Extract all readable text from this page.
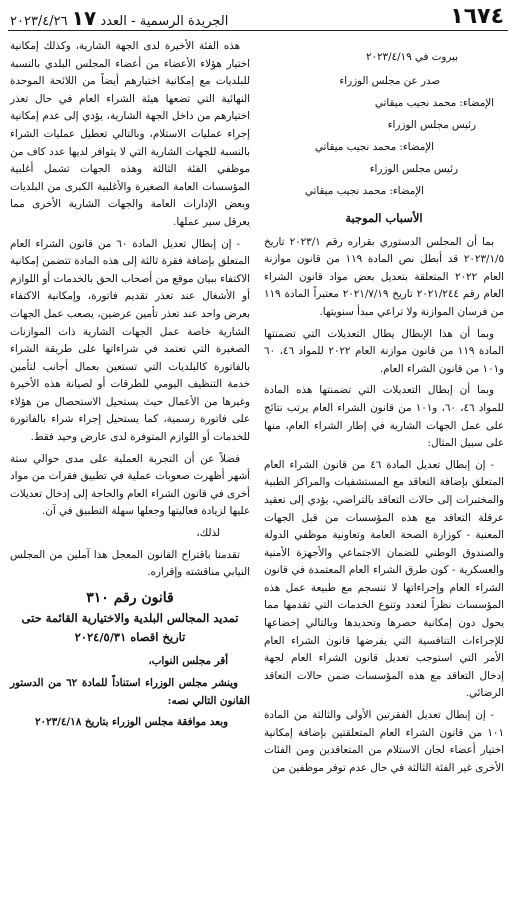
١٦٧٤
الجريدة الرسمية - العدد ١٧ ٢٠٢٣/٤/٢٦

بيروت في ٢٠٢٣/٤/١٩

صدر عن مجلس الوزراء

الإمضاء: محمد نجيب ميقاتي

رئيس مجلس الوزراء

الإمضاء: محمد نجيب ميقاتي

رئيس مجلس الوزراء

الإمضاء: محمد نجيب ميقاتي

الأسباب الموجبة

بما أن المجلس الدستوري بقراره رقم ٢٠٢٣/١ تاريخ ٢٠٢٣/١/٥ قد أبطل نص المادة ١١٩ من قانون موازنة العام ٢٠٢٢ المتعلقة بتعديل بعض مواد قانون الشراء العام رقم ٢٠٢١/٢٤٤ تاريخ ٢٠٢١/٧/١٩ معتبراً المادة ١١٩ من فرسان الموازنة ولا تراعي مبدأ سنويتها.

وبما أن هذا الإبطال يطال التعديلات التي تضمنتها المادة ١١٩ من قانون موازنة العام ٢٠٢٢ للمواد ٤٦، ٦٠ و١٠١ من قانون الشراء العام.

وبما أن إبطال التعديلات التي تضمنتها هذه المادة للمواد ٤٦، ٦٠، و١٠١ من قانون الشراء العام يرتب نتائج على عمل الجهات الشارية في إطار الشراء العام، منها على سبيل المثال:

- إن إبطال تعديل المادة ٤٦ من قانون الشراء العام المتعلق بإضافة التعاقد مع المستشفيات والمراكز الطبية والمختبرات إلى حالات التعاقد بالتراضي، يؤدي إلى تعقيد عرقلة التعاقد مع هذه المؤسسات من قبل الجهات المعنية - كوزارة الصحة العامة وتعاونية موظفي الدولة والصندوق الوطني للضمان الاجتماعي والأجهزة الأمنية والعسكرية - كون طرق الشراء العام المعتمدة في قانون الشراء العام وإجراءاتها لا تنسجم مع طبيعة عمل هذه المؤسسات نظراً لتعدد وتنوع الخدمات التي تقدمها مما يحول دون إمكانية حصرها وتحديدها وبالتالي إخضاعها للإجراءات التنافسية التي يفرضها قانون الشراء العام الأمر التي استوجب تعديل قانون الشراء العام لجهة إدخال التعاقد مع هذه المؤسسات ضمن حالات التعاقد الرضائي.

- إن إبطال تعديل الفقرتين الأولى والثالثة من المادة ١٠١ من قانون الشراء العام المتعلقتين بإضافة إمكانية اختيار أعضاء لجان الاستلام من المتعاقدين ومن الفئات الأخرى غير الفئة الثالثة في حال عدم توفر موظفين من

هذه الفئة الأخيرة لدى الجهة الشارية، وكذلك إمكانية اختيار هؤلاء الأعضاء من أعضاء المجلس البلدي بالنسبة للبلديات مع إمكانية اختيارهم أيضاً من اللائحة الموحدة النهائية التي تضعها هيئة الشراء العام في حال تعذر اختيارهم من داخل الجهة الشارية، يؤدي إلى عدم إمكانية إجراء عمليات الاستلام، وبالتالي تعطيل عمليات الشراء بالنسبة للجهات الشارية التي لا يتوافر لديها عدد كاف من موظفي الفئة الثالثة وهذه الجهات تشمل أغلبية المؤسسات العامة الصغيرة والأغلبية الكبرى من البلديات وبعض الإدارات العامة والجهات الشارية الأخرى مما يعرقل سير عملها.

- إن إبطال تعديل المادة ٦٠ من قانون الشراء العام المتعلق بإضافة فقرة ثالثة إلى هذه المادة تتضمن إمكانية الاكتفاء ببيان موقع من أصحاب الحق بالخدمات أو اللوازم أو الأشغال عند تعذر تقديم فاتورة، وإمكانية الاكتفاء بعرض واحد عند تعذر تأمين عرضين، يصعب عمل الجهات الشارية خاصة عمل الجهات الشارية ذات الموازنات الصغيرة التي تعتمد في شراءاتها على طريقة الشراء بالفاتورة كالبلديات التي تستعين بعمال أجانب لتأمين خدمة التنظيف اليومي للطرقات أو لصيانة هذه الأخيرة وغيرها من الأعمال حيث يستحيل الاستحصال من هؤلاء على فاتورة رسمية، كما يستحيل إجراء شراء بالفاتورة للخدمات أو اللوازم المتوفرة لدى عارض وحيد فقط.

فضلاً عن أن التجربة العملية على مدى حوالي ستة أشهر أظهرت صعوبات عملية في تطبيق فقرات من مواد أخرى في قانون الشراء العام والحاجة إلى إدخال تعديلات عليها لزيادة فعاليتها وجعلها سهلة التطبيق في آن.

لذلك،

تقدمنا باقتراح القانون المعجل هذا آملين من المجلس النيابي مناقشته وإقراره.

قانون رقم ٣١٠
تمديد المجالس البلدية والاختيارية القائمة حتى تاريخ اقصاه ٢٠٢٤/٥/٣١

أقر مجلس النواب،

وينشر مجلس الوزراء استناداً للمادة ٦٢ من الدستور القانون التالي نصه:

وبعد موافقة مجلس الوزراء بتاريخ ٢٠٢٣/٤/١٨
